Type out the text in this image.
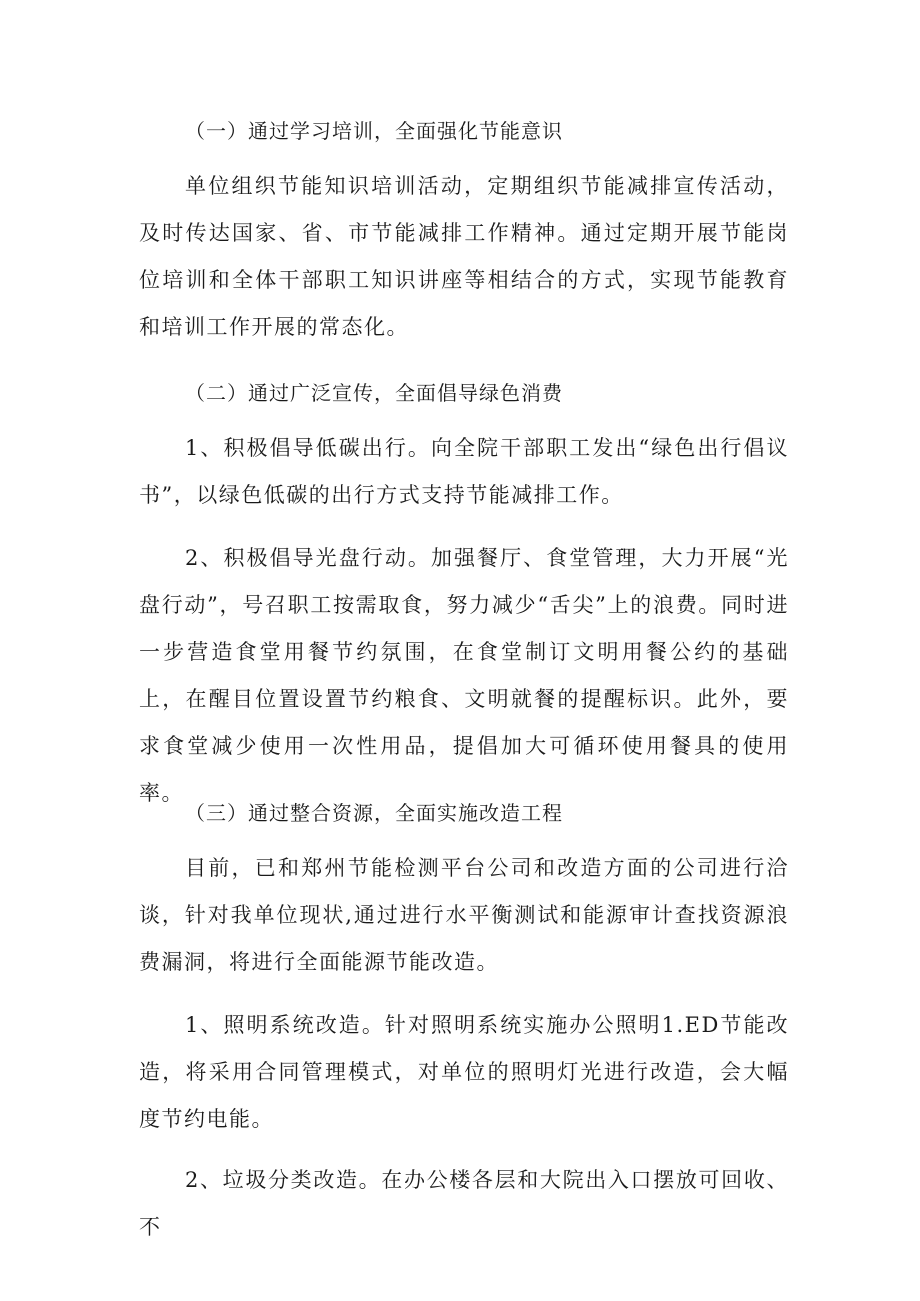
（一）通过学习培训，全面强化节能意识

单位组织节能知识培训活动，定期组织节能减排宣传活动，及时传达国家、省、市节能减排工作精神。通过定期开展节能岗位培训和全体干部职工知识讲座等相结合的方式，实现节能教育和培训工作开展的常态化。

（二）通过广泛宣传，全面倡导绿色消费

1、积极倡导低碳出行。向全院干部职工发出“绿色出行倡议书”，以绿色低碳的出行方式支持节能减排工作。

2、积极倡导光盘行动。加强餐厅、食堂管理，大力开展“光盘行动”，号召职工按需取食，努力减少“舌尖”上的浪费。同时进一步营造食堂用餐节约氛围，在食堂制订文明用餐公约的基础上，在醒目位置设置节约粮食、文明就餐的提醒标识。此外，要求食堂减少使用一次性用品，提倡加大可循环使用餐具的使用率。

（三）通过整合资源，全面实施改造工程

目前，已和郑州节能检测平台公司和改造方面的公司进行洽谈，针对我单位现状,通过进行水平衡测试和能源审计查找资源浪费漏洞，将进行全面能源节能改造。

1、照明系统改造。针对照明系统实施办公照明1.ED节能改造，将采用合同管理模式，对单位的照明灯光进行改造，会大幅度节约电能。

2、垃圾分类改造。在办公楼各层和大院出入口摆放可回收、不
